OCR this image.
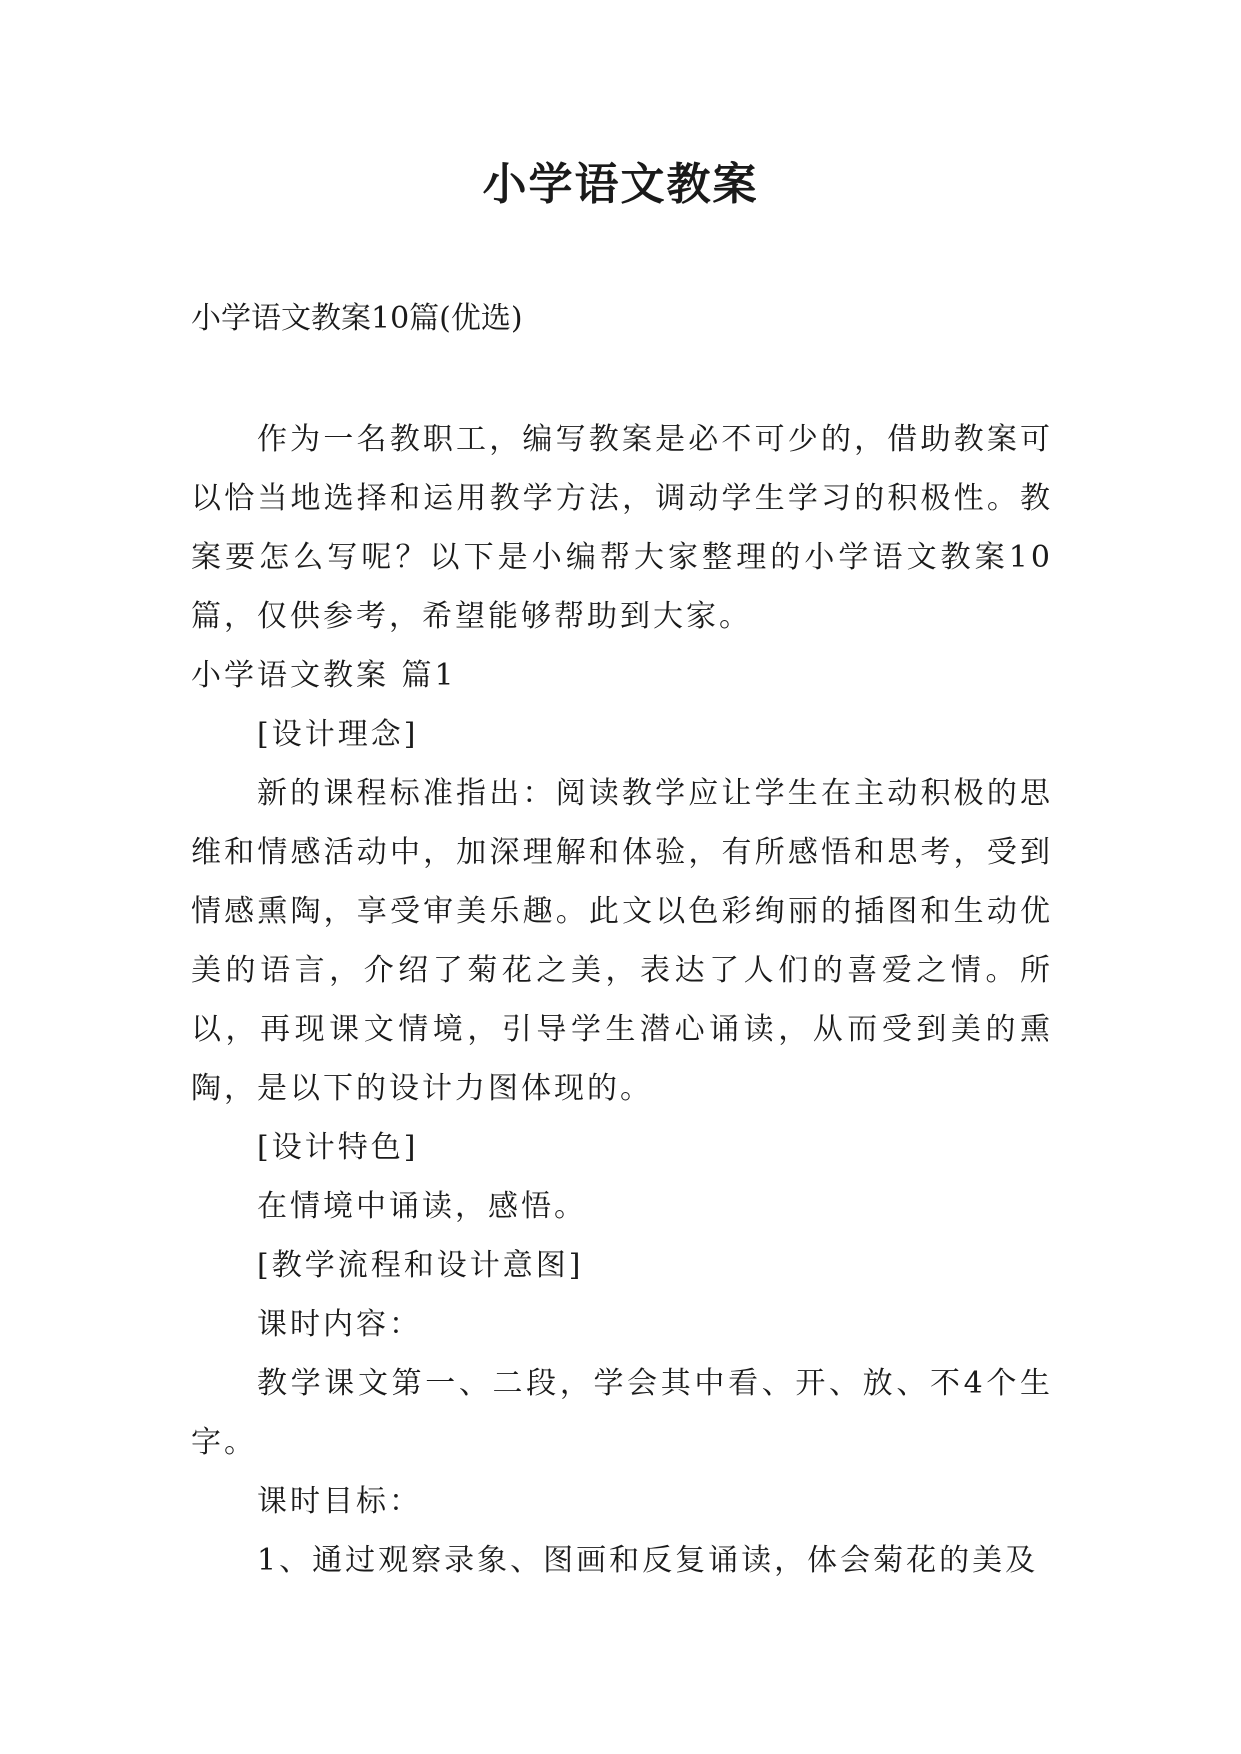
小学语文教案
小学语文教案10篇(优选)

作为一名教职工，编写教案是必不可少的，借助教案可以恰当地选择和运用教学方法，调动学生学习的积极性。教案要怎么写呢？以下是小编帮大家整理的小学语文教案10篇，仅供参考，希望能够帮助到大家。

小学语文教案 篇1

[设计理念]

新的课程标准指出：阅读教学应让学生在主动积极的思维和情感活动中，加深理解和体验，有所感悟和思考，受到情感熏陶，享受审美乐趣。此文以色彩绚丽的插图和生动优美的语言，介绍了菊花之美，表达了人们的喜爱之情。所以，再现课文情境，引导学生潜心诵读，从而受到美的熏陶，是以下的设计力图体现的。

[设计特色]

在情境中诵读，感悟。

[教学流程和设计意图]

课时内容：

教学课文第一、二段，学会其中看、开、放、不4个生字。

课时目标：

1、通过观察录象、图画和反复诵读，体会菊花的美及
